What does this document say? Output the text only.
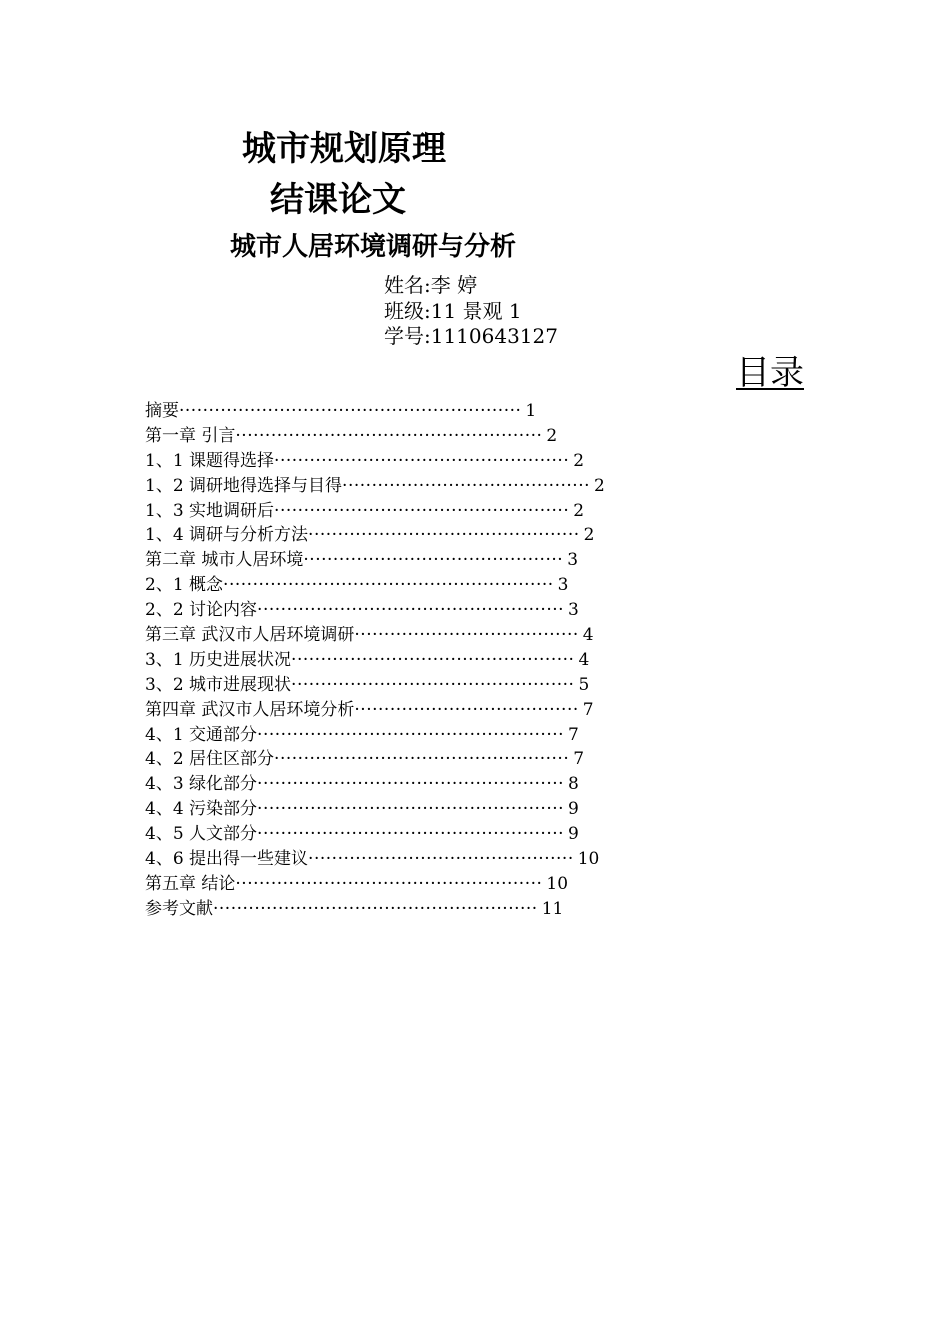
城市规划原理
结课论文
城市人居环境调研与分析
姓名:李 婷
班级:11 景观 1
学号:1110643127
目录
摘要 ·························································· 1
第一章 引言 ···················································· 2
1、1 课题得选择 ·················································· 2
1、2 调研地得选择与目得 ·········································· 2
1、3 实地调研后 ·················································· 2
1、4 调研与分析方法 ·············································· 2
第二章 城市人居环境 ············································ 3
2、1 概念 ························································ 3
2、2 讨论内容 ···················································· 3
第三章 武汉市人居环境调研 ······································ 4
3、1 历史进展状况 ················································ 4
3、2 城市进展现状 ················································ 5
第四章 武汉市人居环境分析 ······································ 7
4、1 交通部分 ···················································· 7
4、2 居住区部分 ·················································· 7
4、3 绿化部分 ···················································· 8
4、4 污染部分 ···················································· 9
4、5 人文部分 ···················································· 9
4、6 提出得一些建议 ············································· 10
第五章 结论 ···················································· 10
参考文献 ······················································· 11
